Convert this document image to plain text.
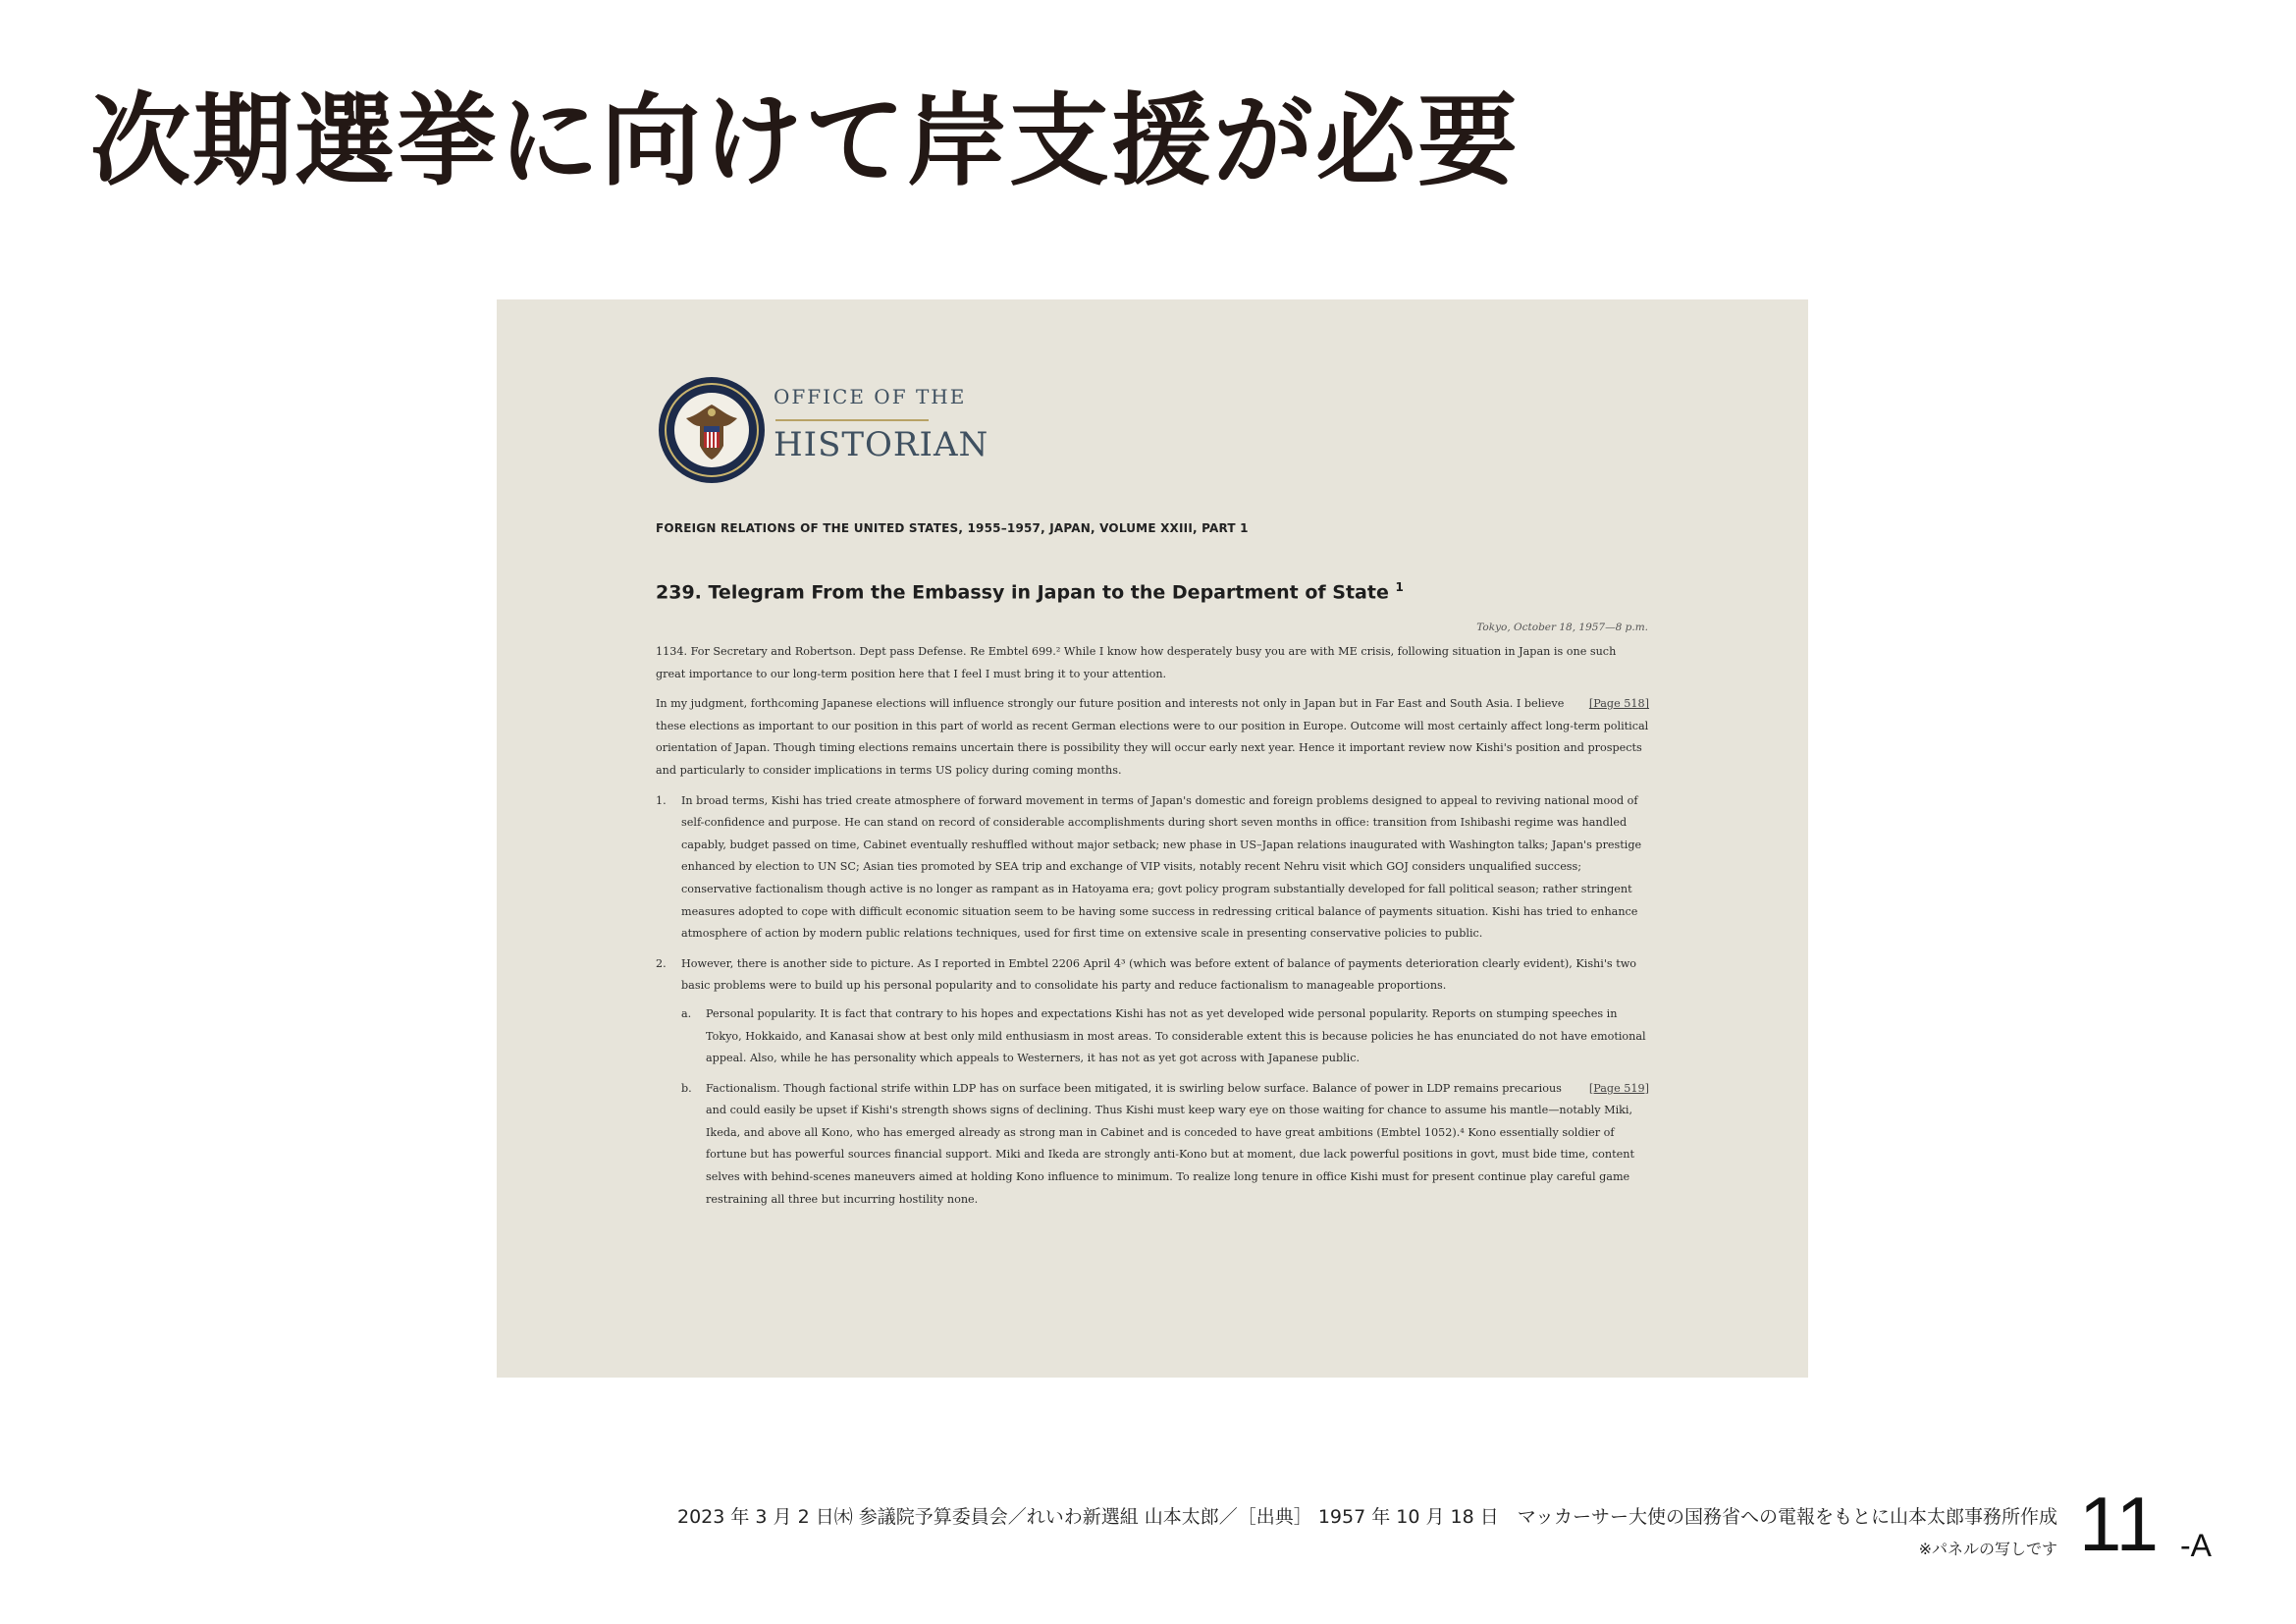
次期選挙に向けて岸支援が必要
OFFICE OF THE
HISTORIAN
FOREIGN RELATIONS OF THE UNITED STATES, 1955–1957, JAPAN, VOLUME XXIII, PART 1
239. Telegram From the Embassy in Japan to the Department of State $^1$
Tokyo, October 18, 1957—8 p.m.

1134. For Secretary and Robertson. Dept pass Defense. Re Embtel 699.² While I know how desperately busy you are with ME crisis, following situation in Japan is one such great importance to our long-term position here that I feel I must bring it to your attention.

[Page 518]
In my judgment, forthcoming Japanese elections will influence strongly our future position and interests not only in Japan but in Far East and South Asia. I believe these elections as important to our position in this part of world as recent German elections were to our position in Europe. Outcome will most certainly affect long-term political orientation of Japan. Though timing elections remains uncertain there is possibility they will occur early next year. Hence it important review now Kishi's position and prospects and particularly to consider implications in terms US policy during coming months.

1. In broad terms, Kishi has tried create atmosphere of forward movement in terms of Japan's domestic and foreign problems designed to appeal to reviving national mood of self-confidence and purpose. He can stand on record of considerable accomplishments during short seven months in office: transition from Ishibashi regime was handled capably, budget passed on time, Cabinet eventually reshuffled without major setback; new phase in US–Japan relations inaugurated with Washington talks; Japan's prestige enhanced by election to UN SC; Asian ties promoted by SEA trip and exchange of VIP visits, notably recent Nehru visit which GOJ considers unqualified success; conservative factionalism though active is no longer as rampant as in Hatoyama era; govt policy program substantially developed for fall political season; rather stringent measures adopted to cope with difficult economic situation seem to be having some success in redressing critical balance of payments situation. Kishi has tried to enhance atmosphere of action by modern public relations techniques, used for first time on extensive scale in presenting conservative policies to public.
2. However, there is another side to picture. As I reported in Embtel 2206 April 4³ (which was before extent of balance of payments deterioration clearly evident), Kishi's two basic problems were to build up his personal popularity and to consolidate his party and reduce factionalism to manageable proportions.
a. Personal popularity. It is fact that contrary to his hopes and expectations Kishi has not as yet developed wide personal popularity. Reports on stumping speeches in Tokyo, Hokkaido, and Kanasai show at best only mild enthusiasm in most areas. To considerable extent this is because policies he has enunciated do not have emotional appeal. Also, while he has personality which appeals to Westerners, it has not as yet got across with Japanese public.
b.	[Page 519]
Factionalism. Though factional strife within LDP has on surface been mitigated, it is swirling below surface. Balance of power in LDP remains precarious and could easily be upset if Kishi's strength shows signs of declining. Thus Kishi must keep wary eye on those waiting for chance to assume his mantle—notably Miki, Ikeda, and above all Kono, who has emerged already as strong man in Cabinet and is conceded to have great ambitions (Embtel 1052).⁴ Kono essentially soldier of fortune but has powerful sources financial support. Miki and Ikeda are strongly anti-Kono but at moment, due lack powerful positions in govt, must bide time, content selves with behind-scenes maneuvers aimed at holding Kono influence to minimum. To realize long tenure in office Kishi must for present continue play careful game restraining all three but incurring hostility none.
2023 年 3 月 2 日㈭ 参議院予算委員会／れいわ新選組 山本太郎／［出典］ 1957 年 10 月 18 日　マッカーサー大使の国務省への電報をもとに山本太郎事務所作成
※パネルの写しです 11 -A
